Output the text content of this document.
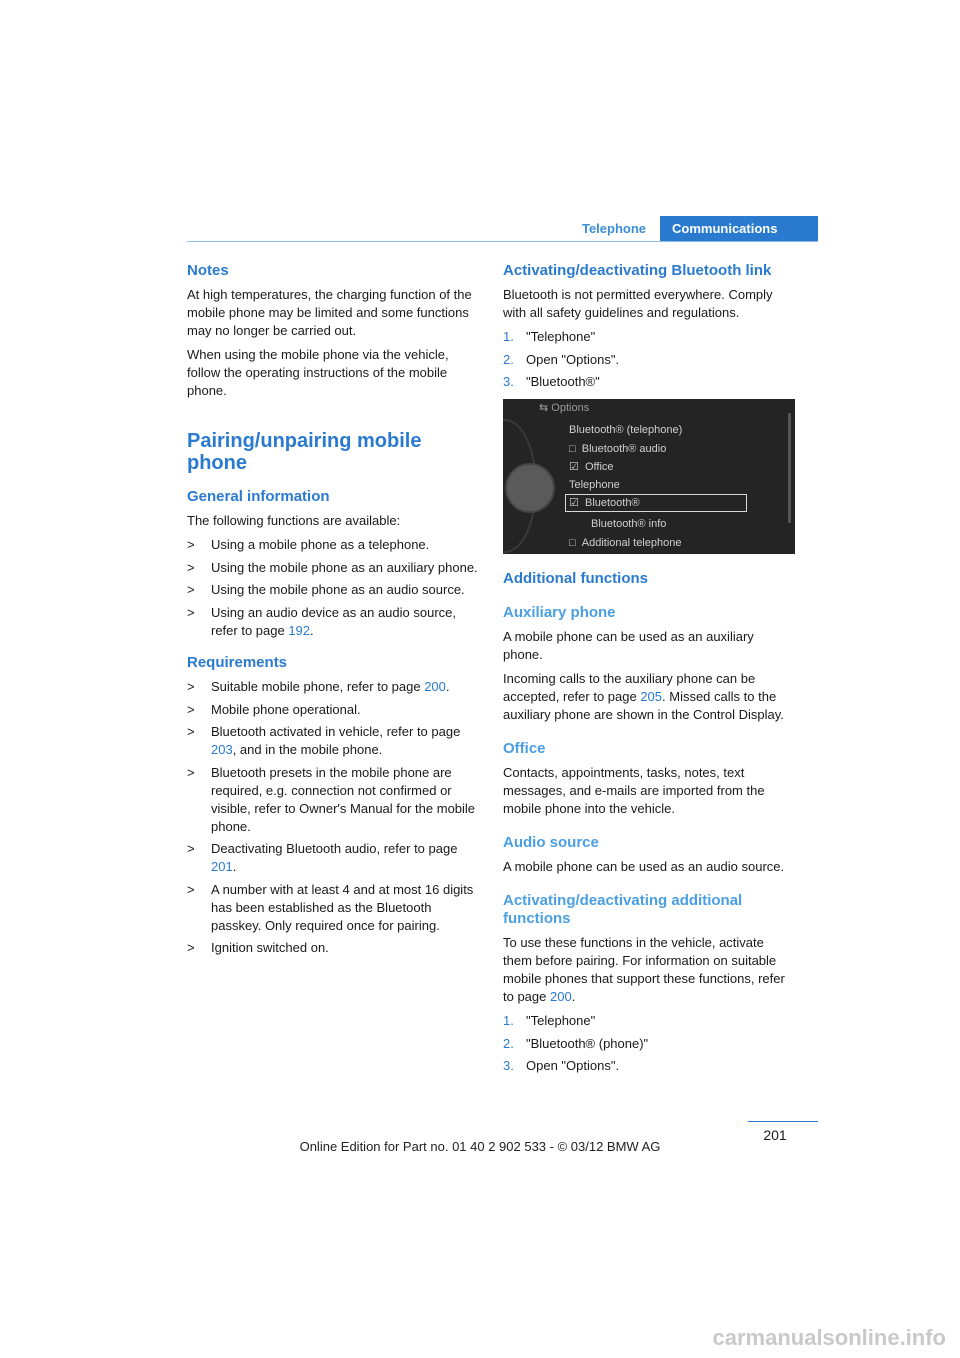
Telephone	Communications
Notes

At high temperatures, the charging function of the mobile phone may be limited and some functions may no longer be carried out.

When using the mobile phone via the vehicle, follow the operating instructions of the mobile phone.

Pairing/unpairing mobile phone
General information

The following functions are available:

> Using a mobile phone as a telephone.
> Using the mobile phone as an auxiliary phone.
> Using the mobile phone as an audio source.
> Using an audio device as an audio source, refer to page 192.
Requirements
> Suitable mobile phone, refer to page 200.
> Mobile phone operational.
> Bluetooth activated in vehicle, refer to page 203, and in the mobile phone.
> Bluetooth presets in the mobile phone are required, e.g. connection not confirmed or visible, refer to Owner's Manual for the mobile phone.
> Deactivating Bluetooth audio, refer to page 201.
> A number with at least 4 and at most 16 digits has been established as the Bluetooth passkey. Only required once for pairing.
> Ignition switched on.
Activating/deactivating Bluetooth link

Bluetooth is not permitted everywhere. Comply with all safety guidelines and regulations.

1. "Telephone"
2. Open "Options".
3. "Bluetooth®"
⇆ Options
Bluetooth® (telephone)
□  Bluetooth® audio
☑  Office
Telephone
☑  Bluetooth®
Bluetooth® info
□  Additional telephone
Additional functions
Auxiliary phone

A mobile phone can be used as an auxiliary phone.

Incoming calls to the auxiliary phone can be accepted, refer to page 205. Missed calls to the auxiliary phone are shown in the Control Display.

Office

Contacts, appointments, tasks, notes, text messages, and e-mails are imported from the mobile phone into the vehicle.

Audio source

A mobile phone can be used as an audio source.

Activating/deactivating additional functions

To use these functions in the vehicle, activate them before pairing. For information on suitable mobile phones that support these functions, refer to page 200.

1. "Telephone"
2. "Bluetooth® (phone)"
3. Open "Options".
201
Online Edition for Part no. 01 40 2 902 533 - © 03/12 BMW AG
carmanualsonline.info
